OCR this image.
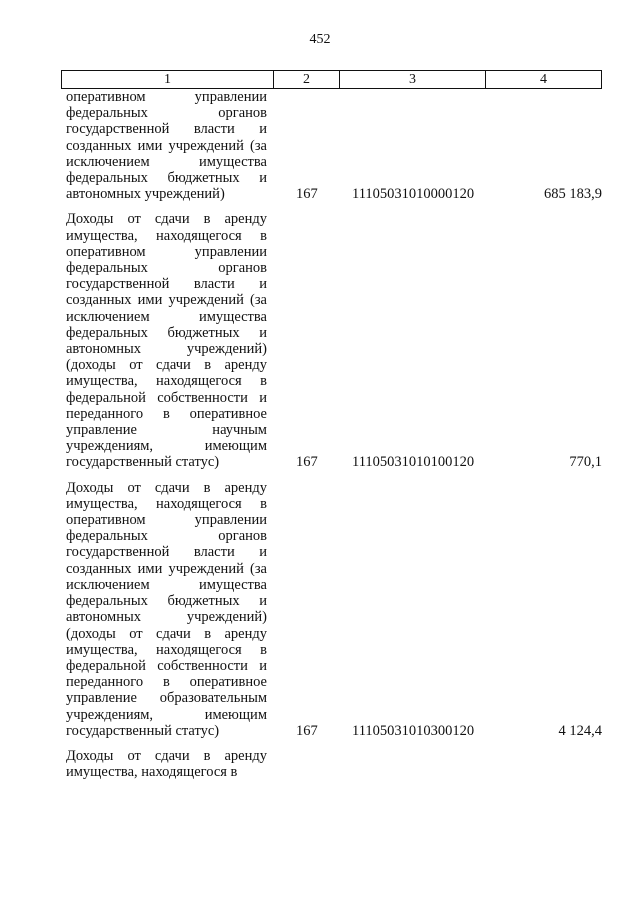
452
1	2	3	4
оперативном управлении
федеральных органов
государственной власти и
созданных ими учреждений (за
исключением имущества
федеральных бюджетных и
автономных учреждений)	167 11105031010000120	685 183,9
Доходы от сдачи в аренду
имущества, находящегося в
оперативном управлении
федеральных органов
государственной власти и
созданных ими учреждений (за
исключением имущества
федеральных бюджетных и
автономных учреждений)
(доходы от сдачи в аренду
имущества, находящегося в
федеральной собственности и
переданного в оперативное
управление научным
учреждениям, имеющим
государственный статус)	167 11105031010100120	770,1
Доходы от сдачи в аренду
имущества, находящегося в
оперативном управлении
федеральных органов
государственной власти и
созданных ими учреждений (за
исключением имущества
федеральных бюджетных и
автономных учреждений)
(доходы от сдачи в аренду
имущества, находящегося в
федеральной собственности и
переданного в оперативное
управление образовательным
учреждениям, имеющим
государственный статус)	167 11105031010300120	4 124,4
Доходы от сдачи в аренду
имущества, находящегося в
